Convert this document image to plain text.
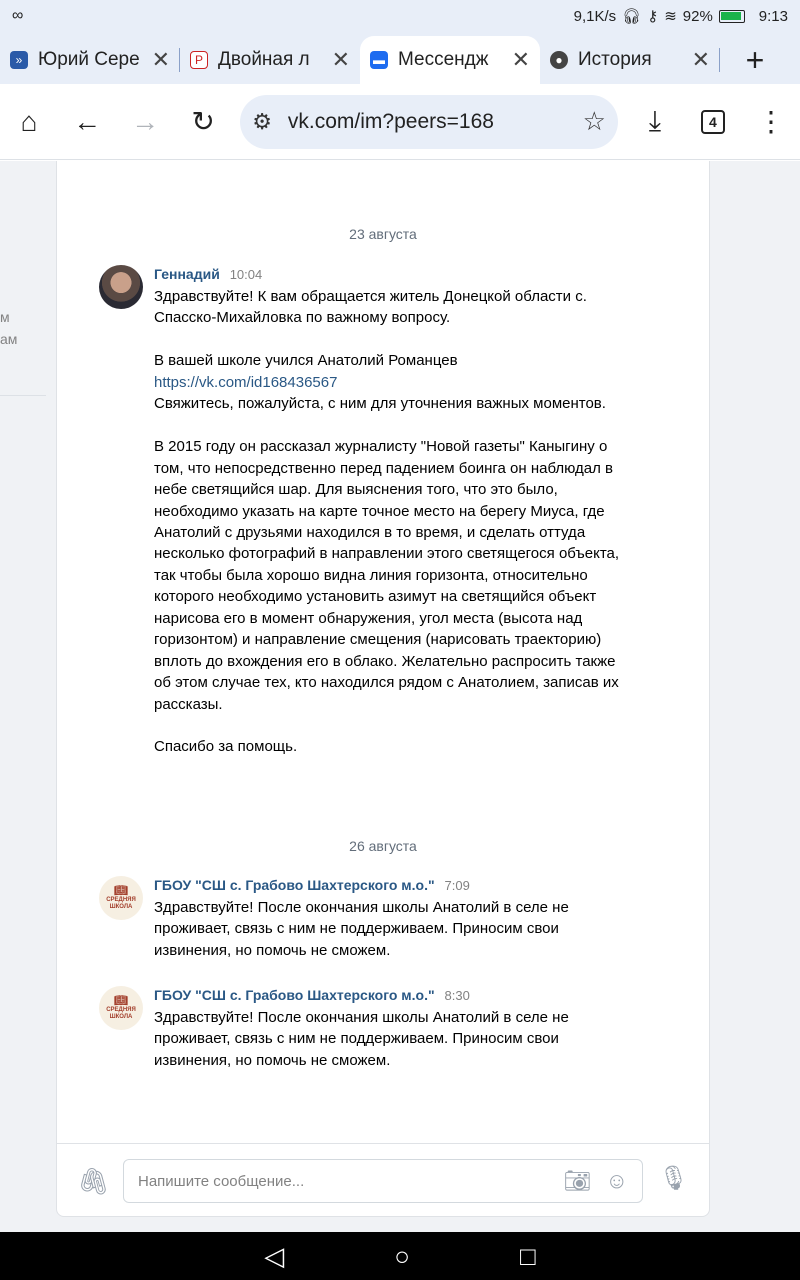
∞	9,1K/s 🎧︎ ⚷ ≋ 92%	9:13
» Юрий Сере ✕	P Двойная л ✕ ▬ Мессендж	✕	● История	✕	+
⌂	←	→	↻	⚙ vk.com/im?peers=168	☆	⤓	4	⋮
м
ам
23 августа
Геннадий 10:04

Здравствуйте! К вам обращается житель Донецкой области с. Спасско-Михайловка по важному вопросу.

В вашей школе учился Анатолий Романцев

https://vk.com/id168436567

Свяжитесь, пожалуйста, с ним для уточнения важных моментов.

В 2015 году он рассказал журналисту "Новой газеты" Каныгину о том, что непосредственно перед падением боинга он наблюдал в небе светящийся шар. Для выяснения того, что это было, необходимо указать на карте точное место на берегу Миуса, где Анатолий с друзьями находился в то время, и сделать оттуда несколько фотографий в направлении этого светящегося объекта, так чтобы была хорошо видна линия горизонта, относительно которого необходимо установить азимут на светящийся объект нарисова его в момент обнаружения, угол места (высота над горизонтом) и направление смещения (нарисовать траекторию) вплоть до вхождения его в облако. Желательно распросить также об этом случае тех, кто находился рядом с Анатолием, записав их рассказы.

Спасибо за помощь.

26 августа
📖︎
СРЕДНЯЯ
ШКОЛА
ГБОУ "СШ с. Грабово Шахтерского м.о." 7:09
Здравствуйте! После окончания школы Анатолий в селе не проживает, связь с ним не поддерживаем. Приносим свои извинения, но помочь не сможем.
📖︎
СРЕДНЯЯ
ШКОЛА
ГБОУ "СШ с. Грабово Шахтерского м.о." 8:30
Здравствуйте! После окончания школы Анатолий в селе не проживает, связь с ним не поддерживаем. Приносим свои извинения, но помочь не сможем.
🖇︎ Напишите сообщение...	📷︎ ☺ 🎙︎
◁	○	□
